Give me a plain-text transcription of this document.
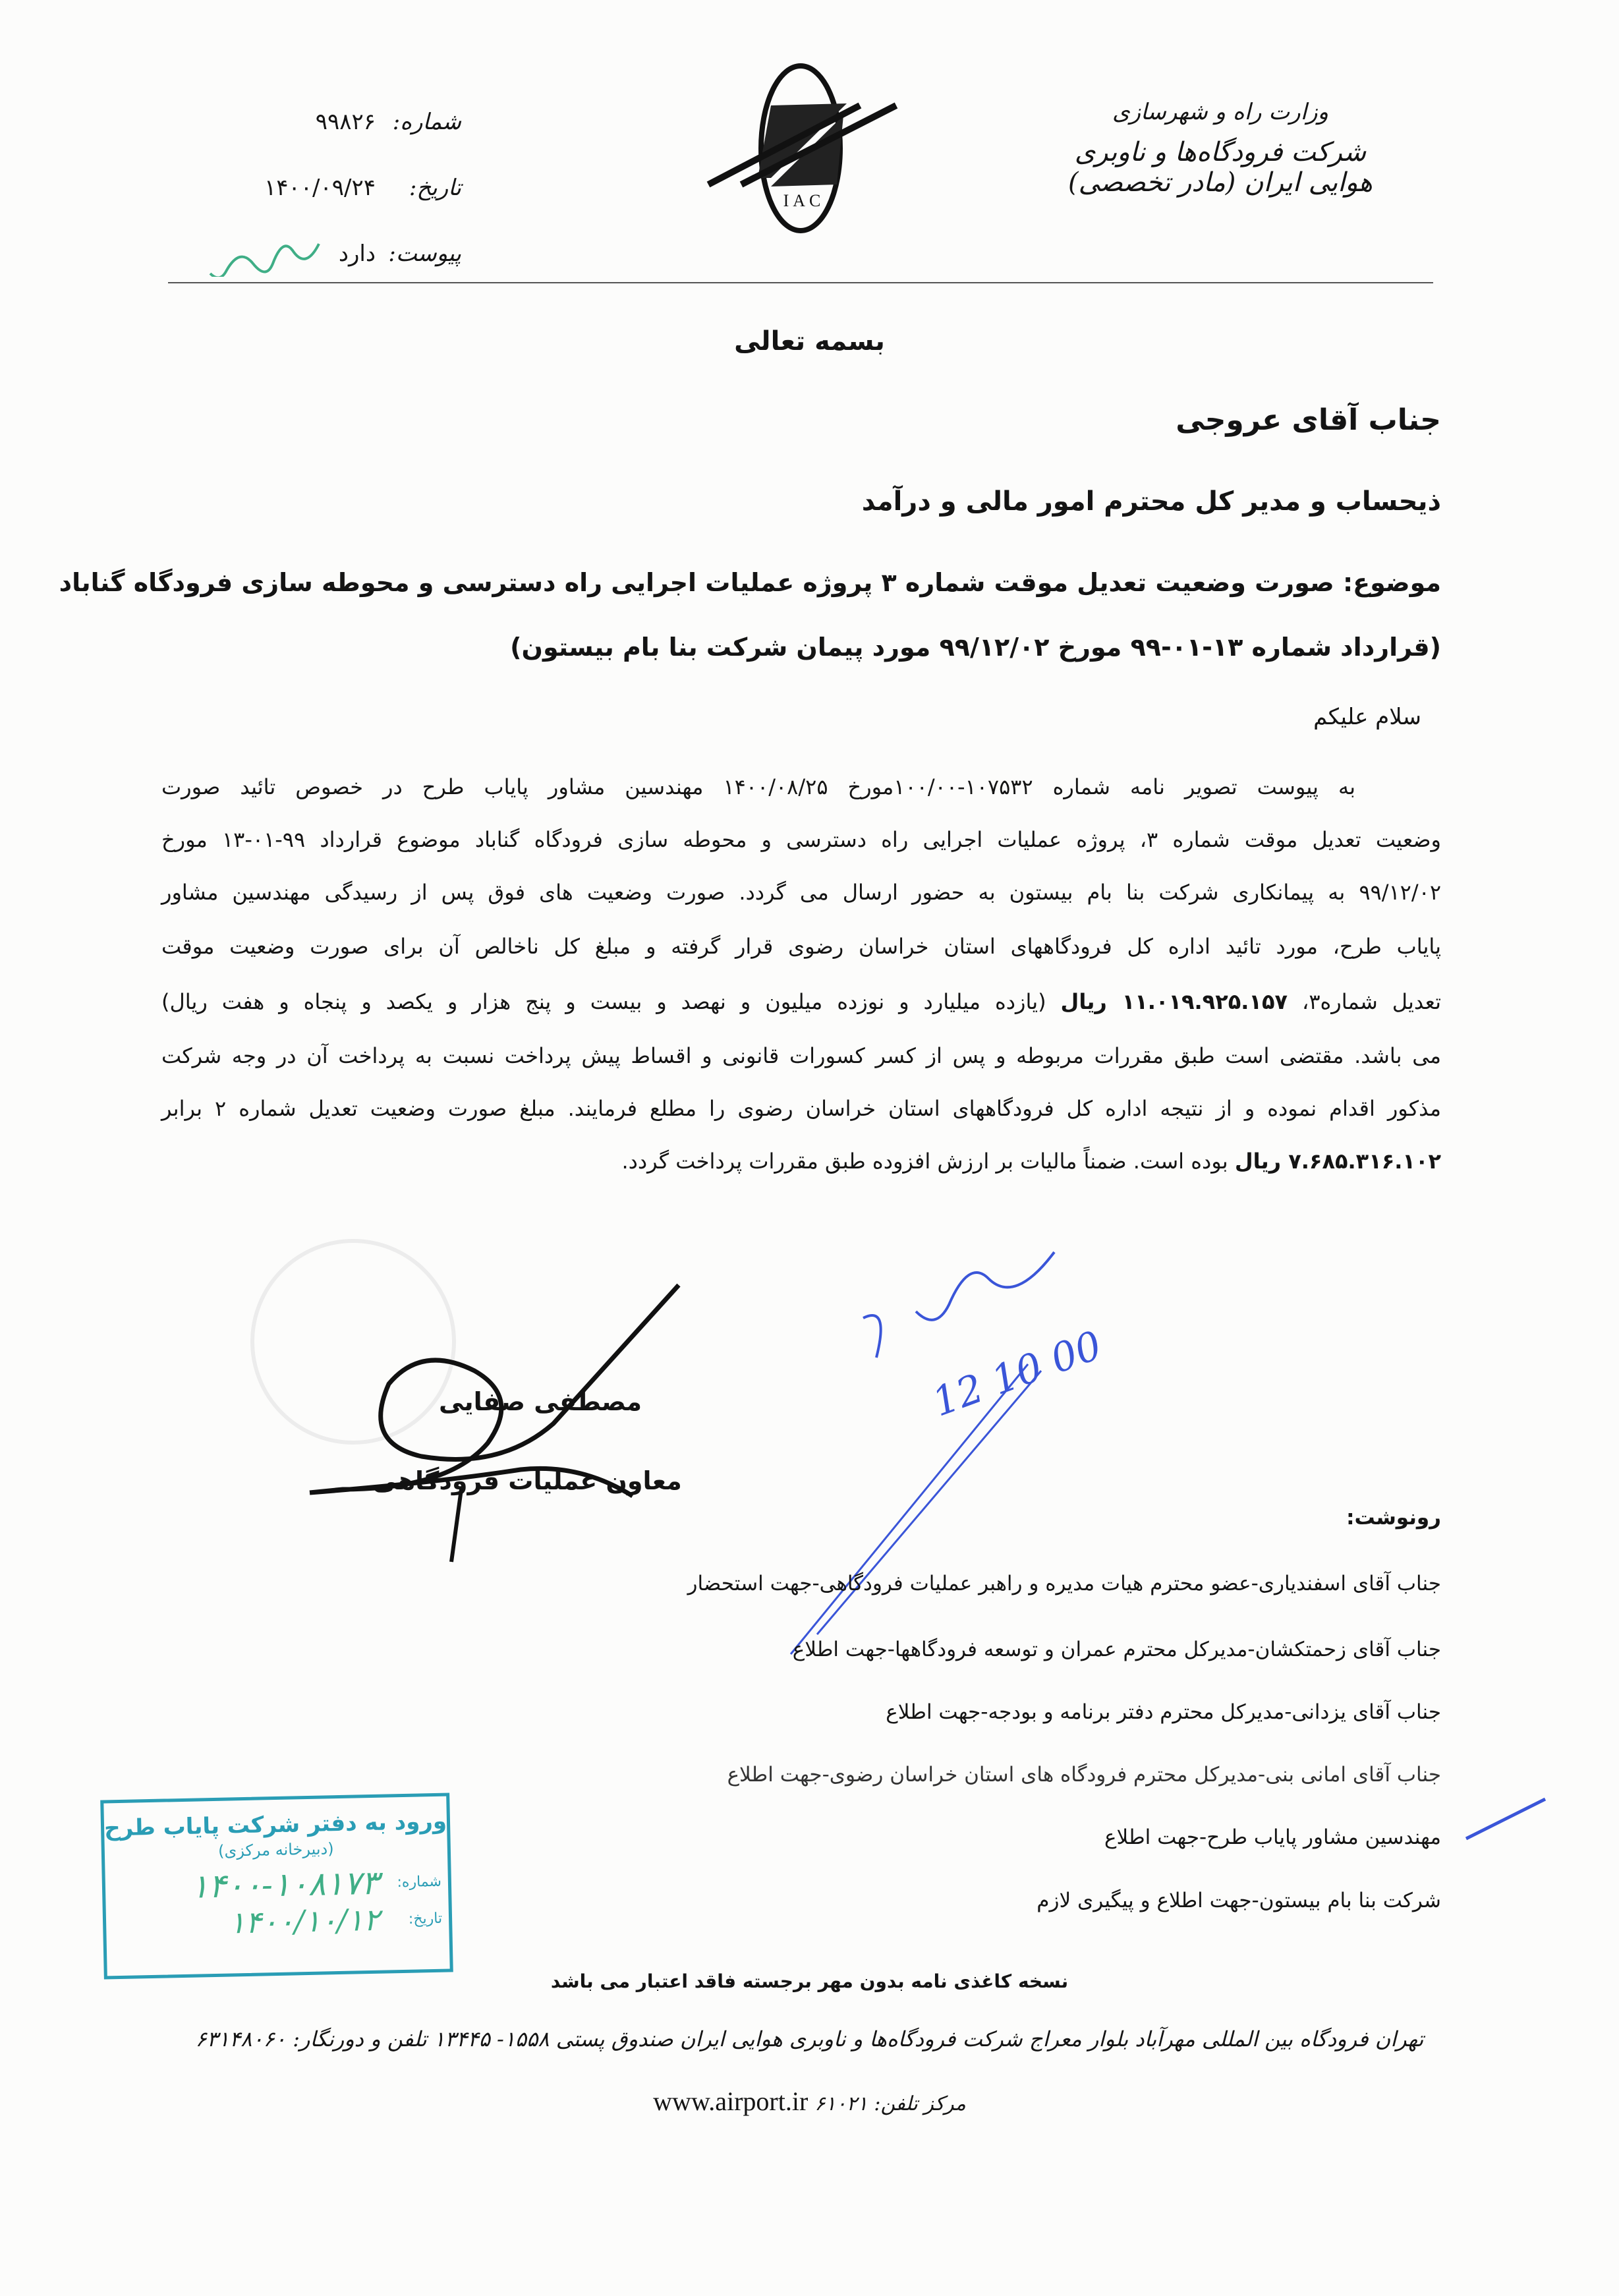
وزارت راه و شهرسازی
شرکت فرودگاه‌ها و ناوبری هوایی ایران (مادر تخصصی)
IAC
شماره:
۹۹۸۲۶
تاریخ:
۱۴۰۰/۰۹/۲۴
پیوست:
دارد
بسمه تعالی
جناب آقای عروجی
ذیحساب و مدیر کل محترم امور مالی و درآمد
موضوع: صورت وضعیت تعدیل موقت شماره ۳ پروژه عملیات اجرایی راه دسترسی و محوطه سازی فرودگاه گناباد
(قرارداد شماره ۱۳-۰۱-۹۹ مورخ ۹۹/۱۲/۰۲ مورد پیمان شرکت بنا بام بیستون)
سلام علیکم
به پیوست تصویر نامه شماره ۱۰۷۵۳۲-۱۰۰/۰۰مورخ ۱۴۰۰/۰۸/۲۵ مهندسین مشاور پایاب طرح در خصوص تائید صورت
وضعیت تعدیل موقت شماره ۳، پروژه عملیات اجرایی راه دسترسی و محوطه سازی فرودگاه گناباد موضوع قرارداد ۹۹-۰۱-۱۳ مورخ
۹۹/۱۲/۰۲ به پیمانکاری شرکت بنا بام بیستون به حضور ارسال می گردد. صورت وضعیت های فوق پس از رسیدگی مهندسین مشاور
پایاب طرح، مورد تائید اداره کل فرودگاههای استان خراسان رضوی قرار گرفته و مبلغ کل ناخالص آن برای صورت وضعیت موقت
تعدیل شماره۳، ۱۱.۰۱۹.۹۲۵.۱۵۷ ریال (یازده میلیارد و نوزده میلیون و نهصد و بیست و پنج هزار و یکصد و پنجاه و هفت ریال)
می باشد. مقتضی است طبق مقررات مربوطه و پس از کسر کسورات قانونی و اقساط پیش پرداخت نسبت به پرداخت آن در وجه شرکت
مذکور اقدام نموده و از نتیجه اداره کل فرودگاههای استان خراسان رضوی را مطلع فرمایند. مبلغ صورت وضعیت تعدیل شماره ۲ برابر
۷.۶۸۵.۳۱۶.۱۰۲ ریال بوده است. ضمناً مالیات بر ارزش افزوده طبق مقررات پرداخت گردد.
مصطفی صفایی
معاون عملیات فرودگاهی
12 10 00
رونوشت:
جناب آقای اسفندیاری-عضو محترم هیات مدیره و راهبر عملیات فرودگاهی-جهت استحضار
جناب آقای زحمتکشان-مدیرکل محترم عمران و توسعه فرودگاهها-جهت اطلاع
جناب آقای یزدانی-مدیرکل محترم دفتر برنامه و بودجه-جهت اطلاع
جناب آقای امانی بنی-مدیرکل محترم فرودگاه های استان خراسان رضوی-جهت اطلاع
مهندسین مشاور پایاب طرح-جهت اطلاع
شرکت بنا بام بیستون-جهت اطلاع و پیگیری لازم
ورود به دفتر شرکت پایاب طرح
(دبیرخانه مرکزی)
شماره:
۱۴۰۰-۱۰۸۱۷۳
تاریخ:
۱۴۰۰/۱۰/۱۲
نسخه کاغذی نامه بدون مهر برجسته فاقد اعتبار می باشد
تهران فرودگاه بین المللی مهرآباد بلوار معراج شرکت فرودگاه‌ها و ناوبری هوایی ایران صندوق پستی ۱۵۵۸- ۱۳۴۴۵ تلفن و دورنگار: ۶۳۱۴۸۰۶۰
مرکز تلفن: ۶۱۰۲۱ www.airport.ir
